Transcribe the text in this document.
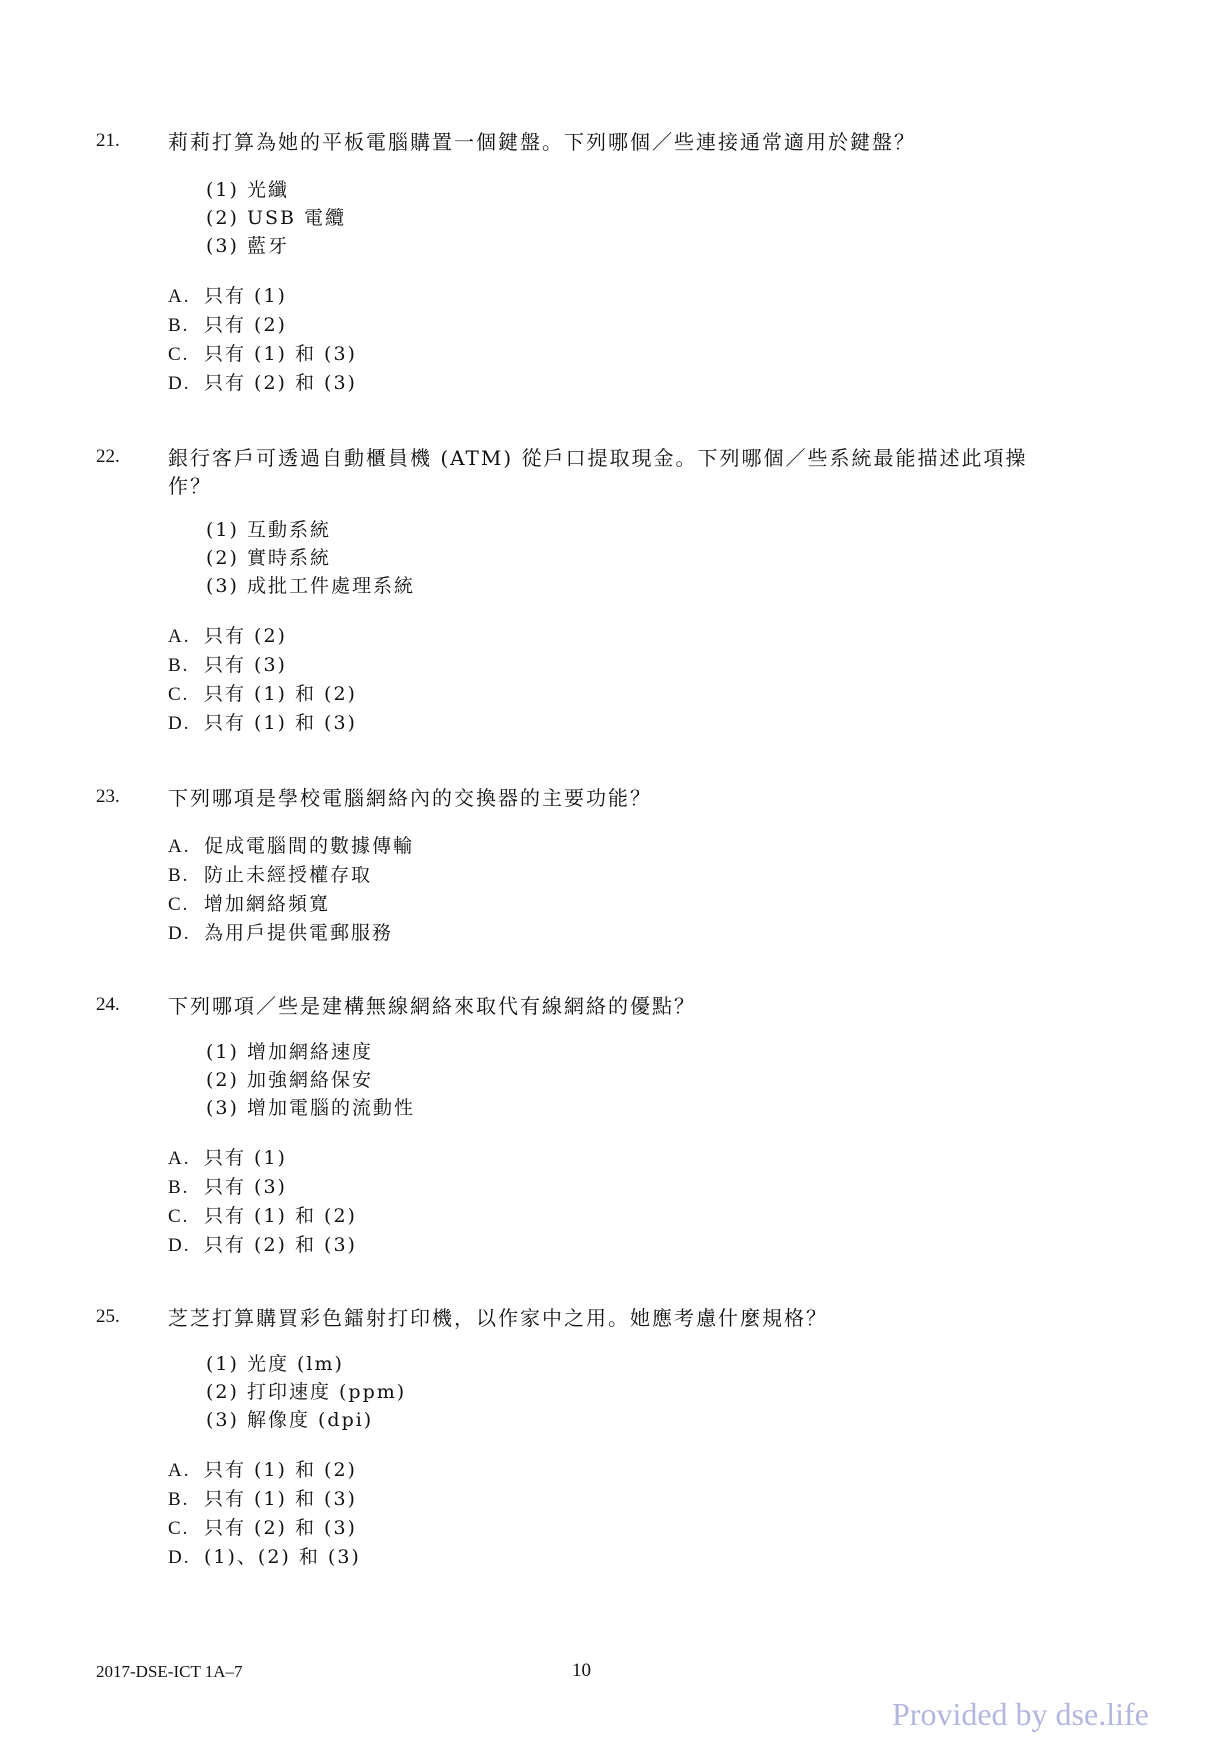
21. 莉莉打算為她的平板電腦購置一個鍵盤。下列哪個／些連接通常適用於鍵盤？
(1) 光纖
(2) USB 電纜
(3) 藍牙
A. 只有 (1)
B. 只有 (2)
C. 只有 (1) 和 (3)
D. 只有 (2) 和 (3)
22. 銀行客戶可透過自動櫃員機 (ATM) 從戶口提取現金。下列哪個／些系統最能描述此項操作？
(1) 互動系統
(2) 實時系統
(3) 成批工件處理系統
A. 只有 (2)
B. 只有 (3)
C. 只有 (1) 和 (2)
D. 只有 (1) 和 (3)
23. 下列哪項是學校電腦網絡內的交換器的主要功能？
A. 促成電腦間的數據傳輸
B. 防止未經授權存取
C. 增加網絡頻寬
D. 為用戶提供電郵服務
24. 下列哪項／些是建構無線網絡來取代有線網絡的優點？
(1) 增加網絡速度
(2) 加強網絡保安
(3) 增加電腦的流動性
A. 只有 (1)
B. 只有 (3)
C. 只有 (1) 和 (2)
D. 只有 (2) 和 (3)
25. 芝芝打算購買彩色鐳射打印機，以作家中之用。她應考慮什麼規格？
(1) 光度 (lm)
(2) 打印速度 (ppm)
(3) 解像度 (dpi)
A. 只有 (1) 和 (2)
B. 只有 (1) 和 (3)
C. 只有 (2) 和 (3)
D. (1)、(2) 和 (3)
2017-DSE-ICT 1A–7	10
Provided by dse.life
